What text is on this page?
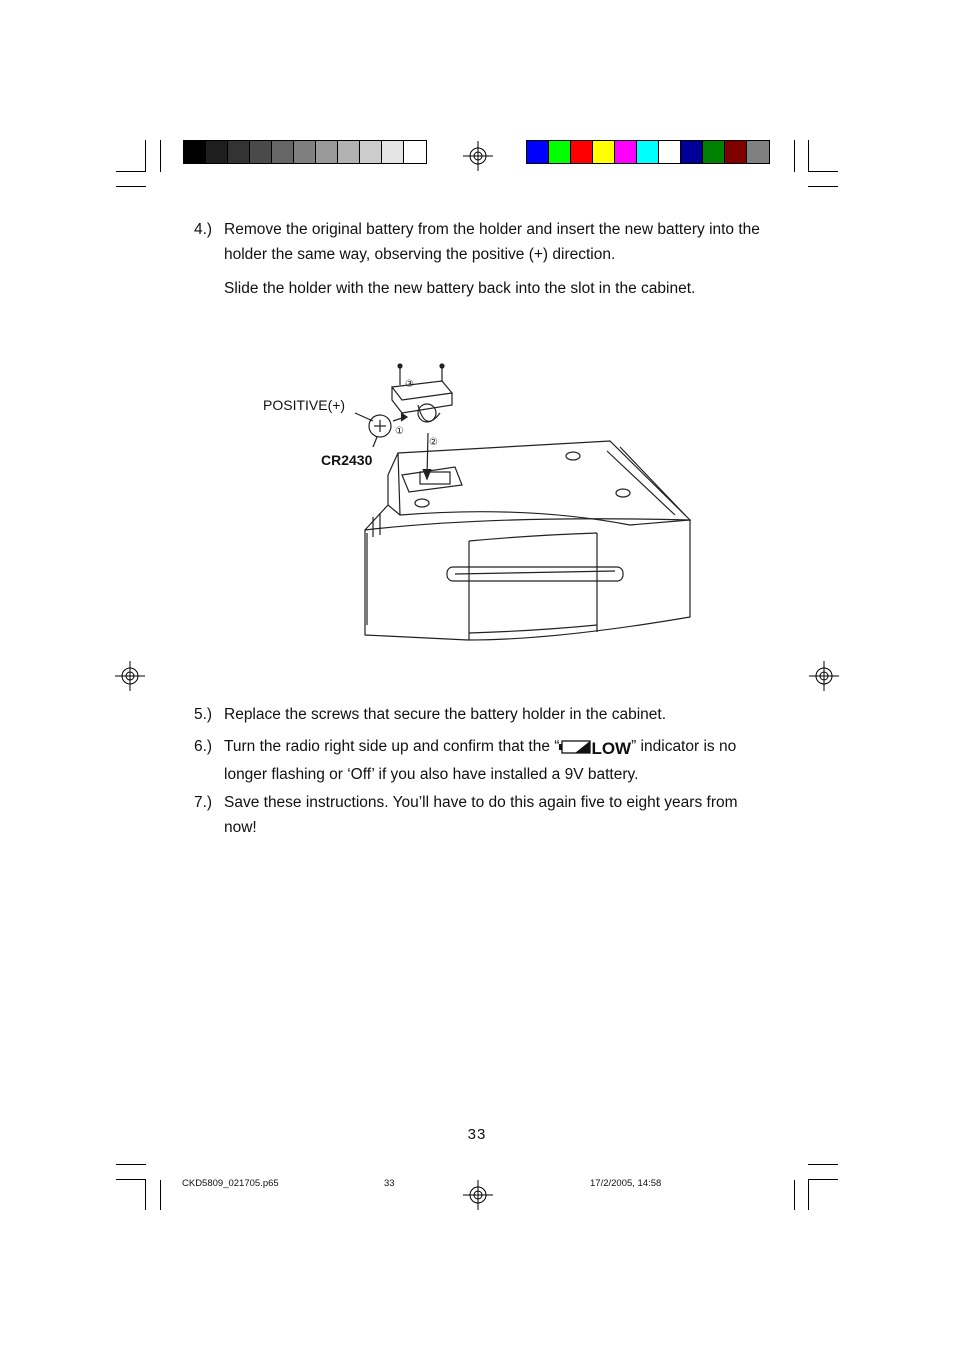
4.) Remove the original battery from the holder and insert the new battery into the holder the same way, observing the positive (+) direction.
Slide the holder with the new battery back into the slot in the cabinet.
POSITIVE(+)
CR2430
①
②
③
5.) Replace the screws that secure the battery holder in the cabinet.
6.) Turn the radio right side up and confirm that the “ LOW” indicator is no longer flashing or ‘Off’ if you also have installed a 9V battery.
7.) Save these instructions. You’ll have to do this again five to eight years from now!
33
CKD5809_021705.p65	33	17/2/2005, 14:58
